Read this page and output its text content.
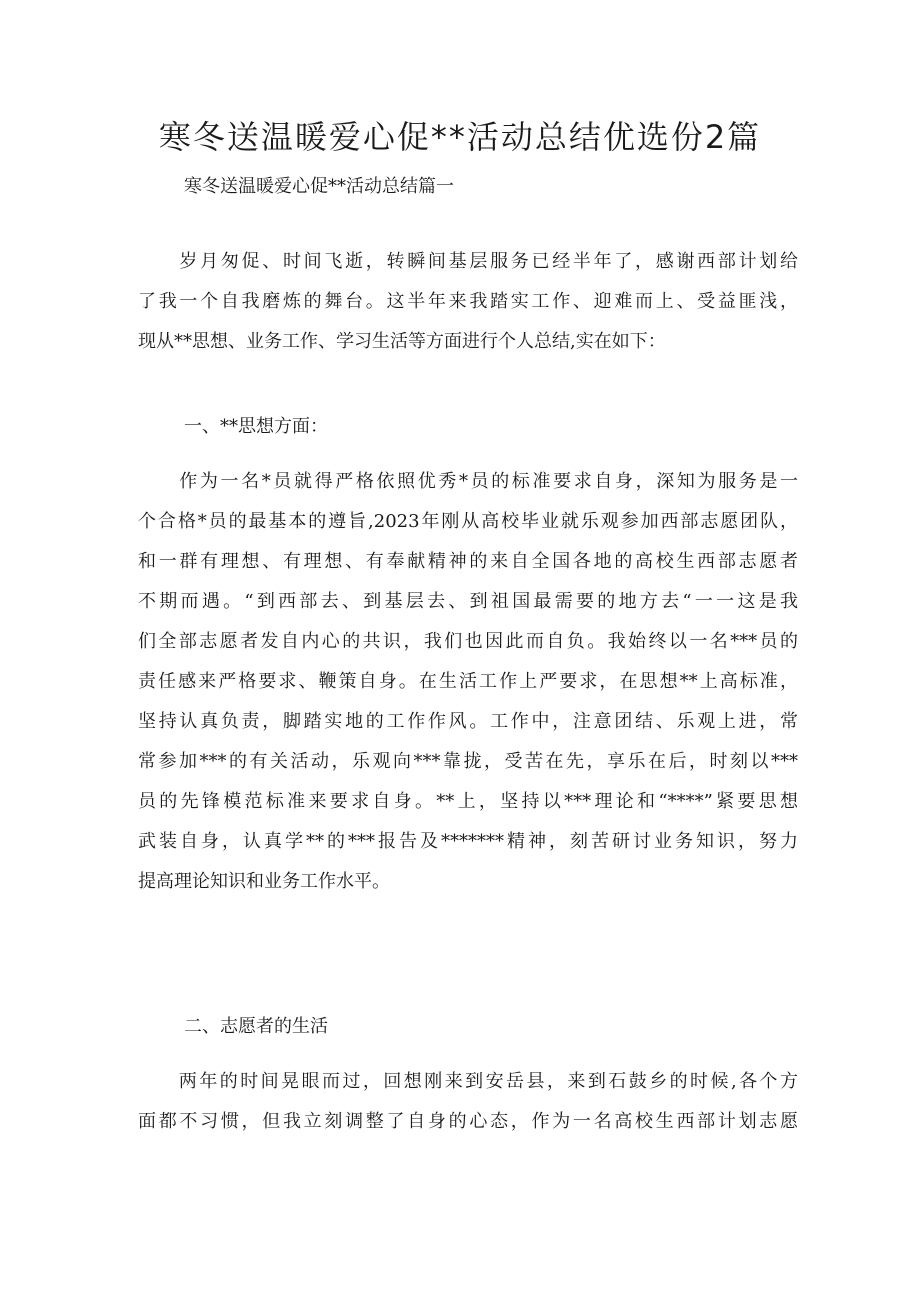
寒冬送温暖爱心促**活动总结优选份2篇
寒冬送温暖爱心促**活动总结篇一

　　岁月匆促、时间飞逝，转瞬间基层服务已经半年了，感谢西部计划给
了我一个自我磨炼的舞台。这半年来我踏实工作、迎难而上、受益匪浅，
现从**思想、业务工作、学习生活等方面进行个人总结,实在如下：

一、**思想方面：

　　作为一名*员就得严格依照优秀*员的标准要求自身，深知为服务是一
个合格*员的最基本的遵旨,2023年刚从高校毕业就乐观参加西部志愿团队，
和一群有理想、有理想、有奉献精神的来自全国各地的高校生西部志愿者
不期而遇。“到西部去、到基层去、到祖国最需要的地方去“一一这是我
们全部志愿者发自内心的共识，我们也因此而自负。我始终以一名***员的
责任感来严格要求、鞭策自身。在生活工作上严要求，在思想**上高标准，
坚持认真负责，脚踏实地的工作作风。工作中，注意团结、乐观上进，常
常参加***的有关活动，乐观向***靠拢，受苦在先，享乐在后，时刻以***
员的先锋模范标准来要求自身。**上，坚持以***理论和“****”紧要思想
武装自身，认真学**的***报告及*******精神，刻苦研讨业务知识，努力
提高理论知识和业务工作水平。

二、志愿者的生活

　　两年的时间晃眼而过，回想刚来到安岳县，来到石鼓乡的时候,各个方
面都不习惯，但我立刻调整了自身的心态，作为一名高校生西部计划志愿
